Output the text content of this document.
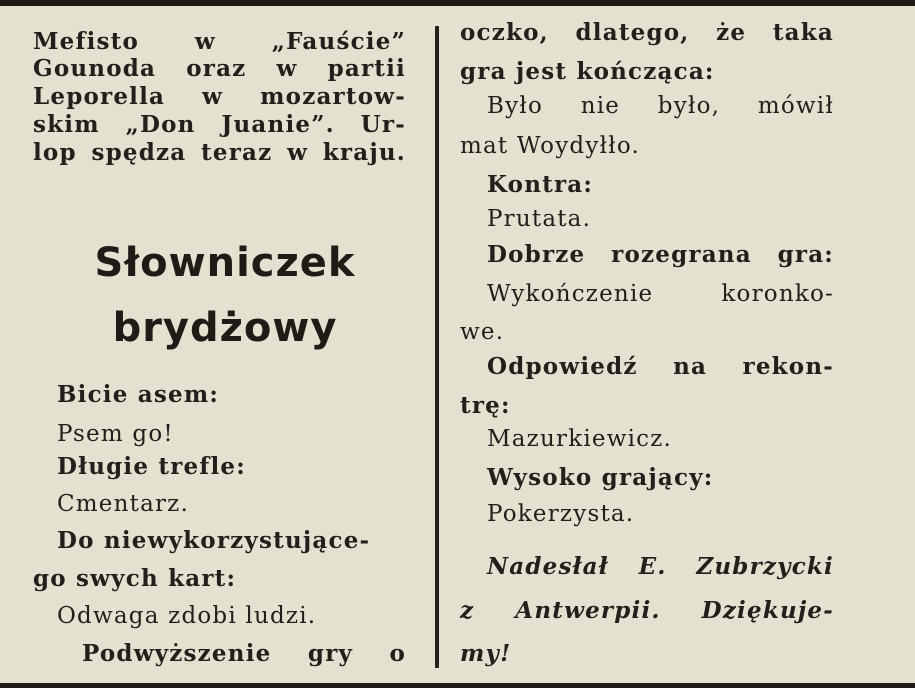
Mefisto w „Fauście”
Gounoda oraz w partii
Leporella w mozartow-
skim „Don Juanie”. Ur-
lop spędza teraz w kraju.
Słowniczek
brydżowy
Bicie asem:
Psem go!
Długie trefle:
Cmentarz.
Do niewykorzystujące-
go swych kart:
Odwaga zdobi ludzi.
Podwyższenie gry o
oczko, dlatego, że taka
gra jest kończąca:
Było nie było, mówił
mat Woydyłło.
Kontra:
Prutata.
Dobrze rozegrana gra:
Wykończenie koronko-
we.
Odpowiedź na rekon-
trę:
Mazurkiewicz.
Wysoko grający:
Pokerzysta.
Nadesłał E. Zubrzycki
z Antwerpii. Dziękuje-
my!
